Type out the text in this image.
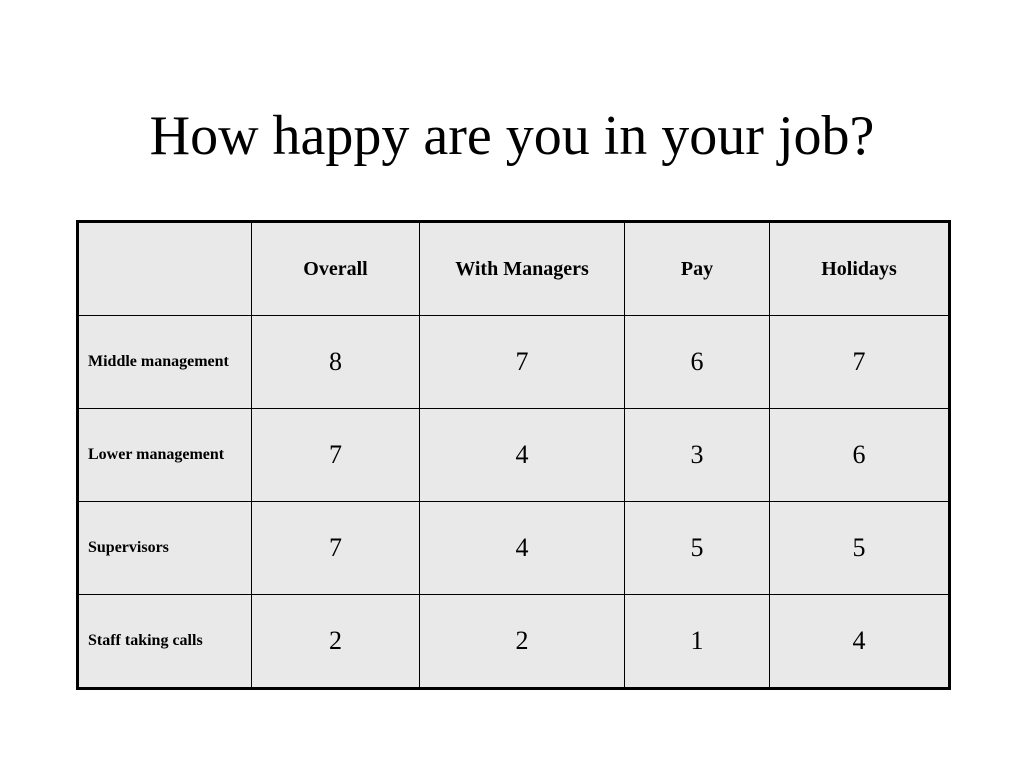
How happy are you in your job?
	Overall	With Managers	Pay	Holidays
Middle management	8	7	6	7
Lower management	7	4	3	6
Supervisors	7	4	5	5
Staff taking calls	2	2	1	4
